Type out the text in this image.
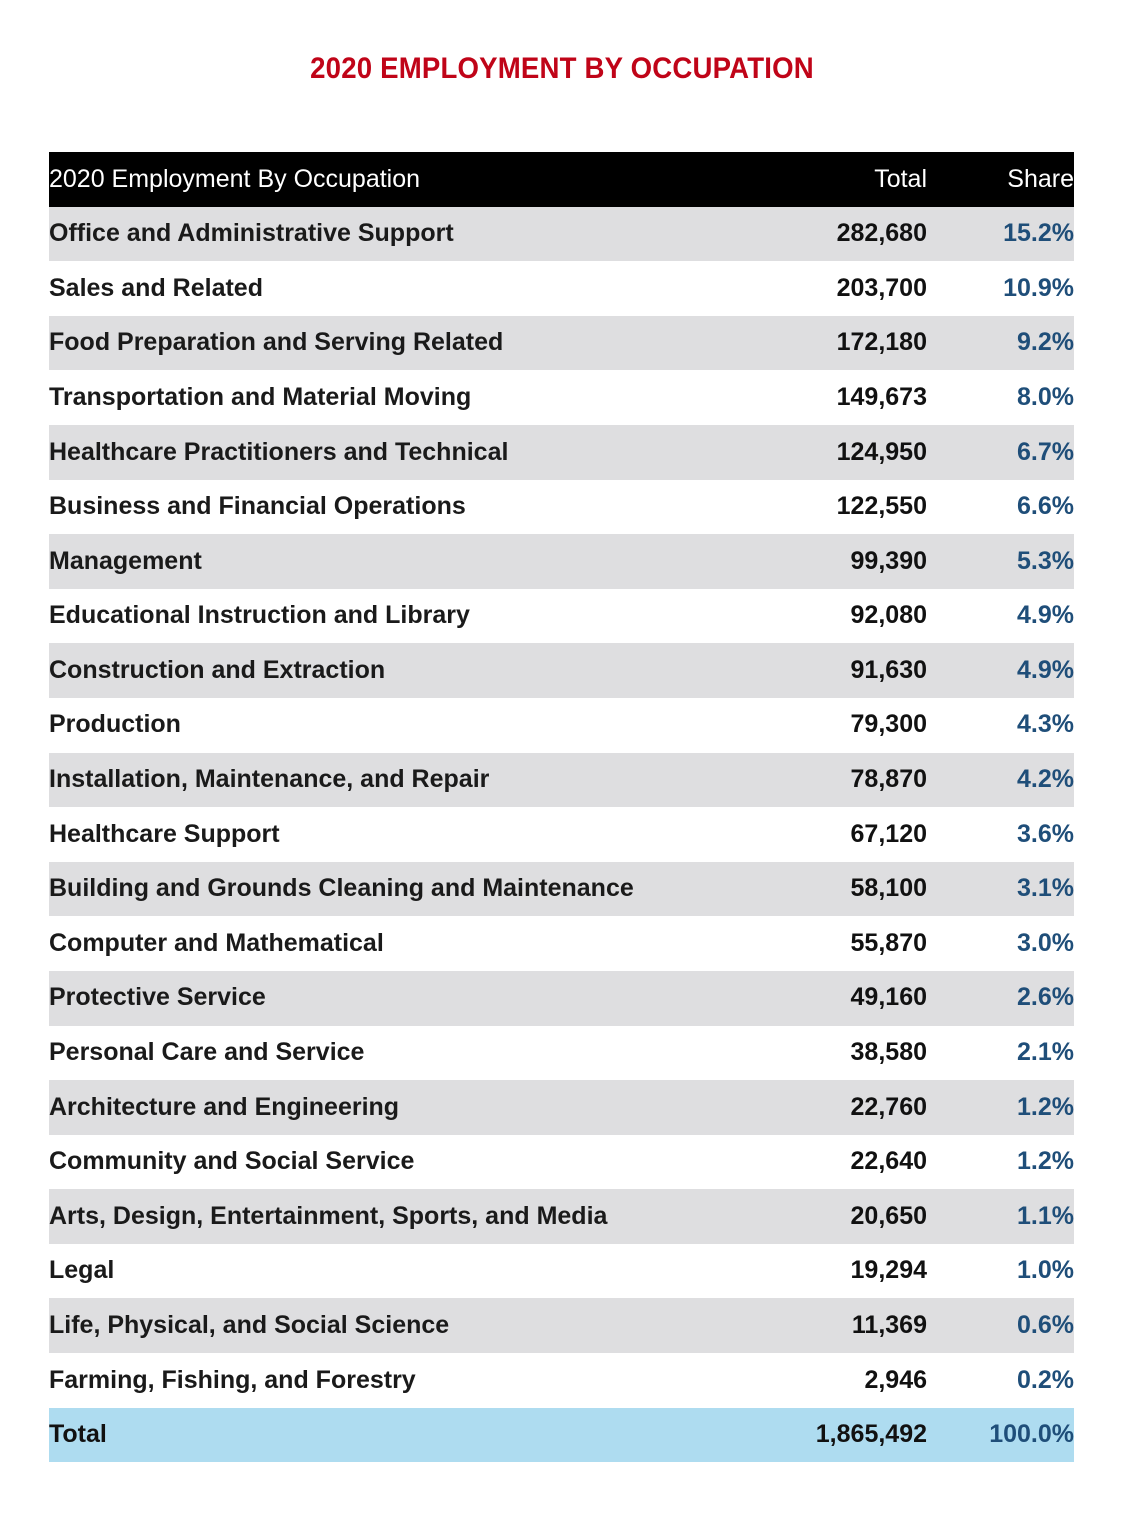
2020 EMPLOYMENT BY OCCUPATION
2020 Employment By Occupation	Total	Share
Office and Administrative Support	282,680	15.2%
Sales and Related	203,700	10.9%
Food Preparation and Serving Related	172,180	9.2%
Transportation and Material Moving	149,673	8.0%
Healthcare Practitioners and Technical	124,950	6.7%
Business and Financial Operations	122,550	6.6%
Management	99,390	5.3%
Educational Instruction and Library	92,080	4.9%
Construction and Extraction	91,630	4.9%
Production	79,300	4.3%
Installation, Maintenance, and Repair	78,870	4.2%
Healthcare Support	67,120	3.6%
Building and Grounds Cleaning and Maintenance	58,100	3.1%
Computer and Mathematical	55,870	3.0%
Protective Service	49,160	2.6%
Personal Care and Service	38,580	2.1%
Architecture and Engineering	22,760	1.2%
Community and Social Service	22,640	1.2%
Arts, Design, Entertainment, Sports, and Media	20,650	1.1%
Legal	19,294	1.0%
Life, Physical, and Social Science	11,369	0.6%
Farming, Fishing, and Forestry	2,946	0.2%
Total	1,865,492	100.0%
